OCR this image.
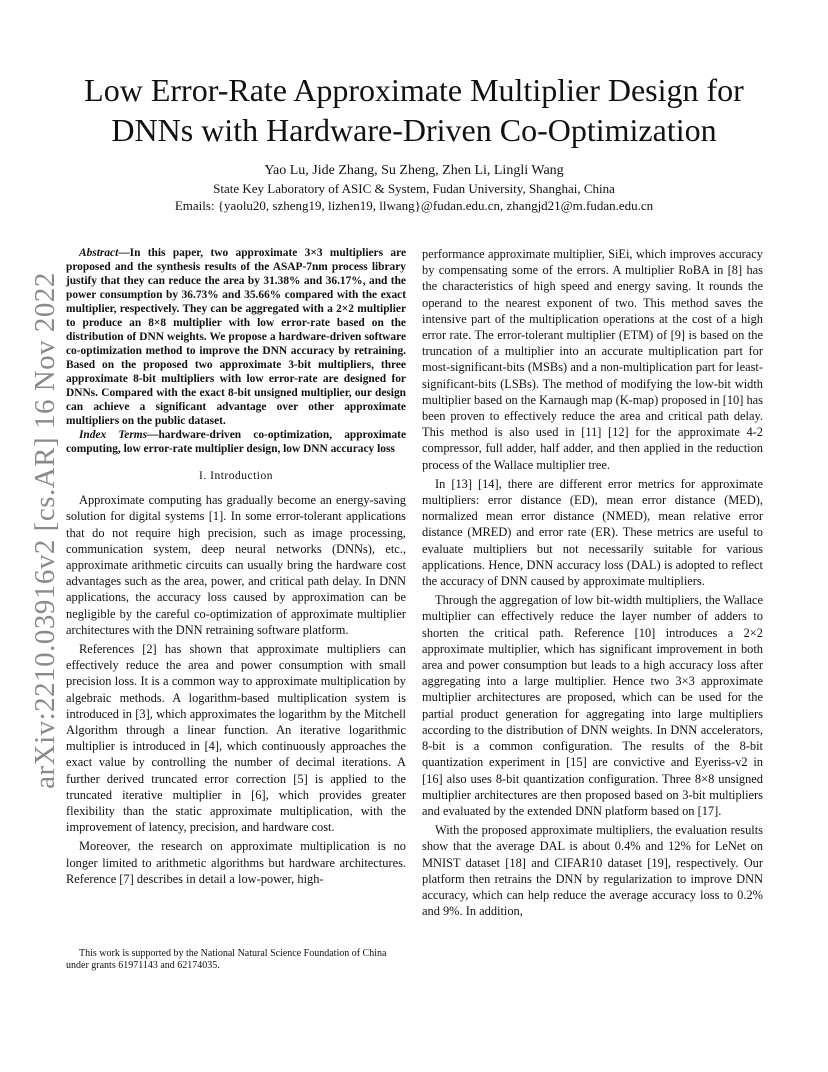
arXiv:2210.03916v2 [cs.AR] 16 Nov 2022
Low Error-Rate Approximate Multiplier Design for DNNs with Hardware-Driven Co-Optimization
Yao Lu, Jide Zhang, Su Zheng, Zhen Li, Lingli Wang
State Key Laboratory of ASIC & System, Fudan University, Shanghai, China
Emails: {yaolu20, szheng19, lizhen19, llwang}@fudan.edu.cn, zhangjd21@m.fudan.edu.cn

Abstract—In this paper, two approximate 3×3 multipliers are proposed and the synthesis results of the ASAP-7nm process library justify that they can reduce the area by 31.38% and 36.17%, and the power consumption by 36.73% and 35.66% compared with the exact multiplier, respectively. They can be aggregated with a 2×2 multiplier to produce an 8×8 multiplier with low error-rate based on the distribution of DNN weights. We propose a hardware-driven software co-optimization method to improve the DNN accuracy by retraining. Based on the proposed two approximate 3-bit multipliers, three approximate 8-bit multipliers with low error-rate are designed for DNNs. Compared with the exact 8-bit unsigned multiplier, our design can achieve a significant advantage over other approximate multipliers on the public dataset.

Index Terms—hardware-driven co-optimization, approximate computing, low error-rate multiplier design, low DNN accuracy loss

I. Introduction

Approximate computing has gradually become an energy-saving solution for digital systems [1]. In some error-tolerant applications that do not require high precision, such as image processing, communication system, deep neural networks (DNNs), etc., approximate arithmetic circuits can usually bring the hardware cost advantages such as the area, power, and critical path delay. In DNN applications, the accuracy loss caused by approximation can be negligible by the careful co-optimization of approximate multiplier architectures with the DNN retraining software platform.

References [2] has shown that approximate multipliers can effectively reduce the area and power consumption with small precision loss. It is a common way to approximate multiplication by algebraic methods. A logarithm-based multiplication system is introduced in [3], which approximates the logarithm by the Mitchell Algorithm through a linear function. An iterative logarithmic multiplier is introduced in [4], which continuously approaches the exact value by controlling the number of decimal iterations. A further derived truncated error correction [5] is applied to the truncated iterative multiplier in [6], which provides greater flexibility than the static approximate multiplication, with the improvement of latency, precision, and hardware cost.

Moreover, the research on approximate multiplication is no longer limited to arithmetic algorithms but hardware architectures. Reference [7] describes in detail a low-power, high-

This work is supported by the National Natural Science Foundation of China under grants 61971143 and 62174035.

performance approximate multiplier, SiEi, which improves accuracy by compensating some of the errors. A multiplier RoBA in [8] has the characteristics of high speed and energy saving. It rounds the operand to the nearest exponent of two. This method saves the intensive part of the multiplication operations at the cost of a high error rate. The error-tolerant multiplier (ETM) of [9] is based on the truncation of a multiplier into an accurate multiplication part for most-significant-bits (MSBs) and a non-multiplication part for least-significant-bits (LSBs). The method of modifying the low-bit width multiplier based on the Karnaugh map (K-map) proposed in [10] has been proven to effectively reduce the area and critical path delay. This method is also used in [11] [12] for the approximate 4-2 compressor, full adder, half adder, and then applied in the reduction process of the Wallace multiplier tree.

In [13] [14], there are different error metrics for approximate multipliers: error distance (ED), mean error distance (MED), normalized mean error distance (NMED), mean relative error distance (MRED) and error rate (ER). These metrics are useful to evaluate multipliers but not necessarily suitable for various applications. Hence, DNN accuracy loss (DAL) is adopted to reflect the accuracy of DNN caused by approximate multipliers.

Through the aggregation of low bit-width multipliers, the Wallace multiplier can effectively reduce the layer number of adders to shorten the critical path. Reference [10] introduces a 2×2 approximate multiplier, which has significant improvement in both area and power consumption but leads to a high accuracy loss after aggregating into a large multiplier. Hence two 3×3 approximate multiplier architectures are proposed, which can be used for the partial product generation for aggregating into large multipliers according to the distribution of DNN weights. In DNN accelerators, 8-bit is a common configuration. The results of the 8-bit quantization experiment in [15] are convictive and Eyeriss-v2 in [16] also uses 8-bit quantization configuration. Three 8×8 unsigned multiplier architectures are then proposed based on 3-bit multipliers and evaluated by the extended DNN platform based on [17].

With the proposed approximate multipliers, the evaluation results show that the average DAL is about 0.4% and 12% for LeNet on MNIST dataset [18] and CIFAR10 dataset [19], respectively. Our platform then retrains the DNN by regularization to improve DNN accuracy, which can help reduce the average accuracy loss to 0.2% and 9%. In addition,
